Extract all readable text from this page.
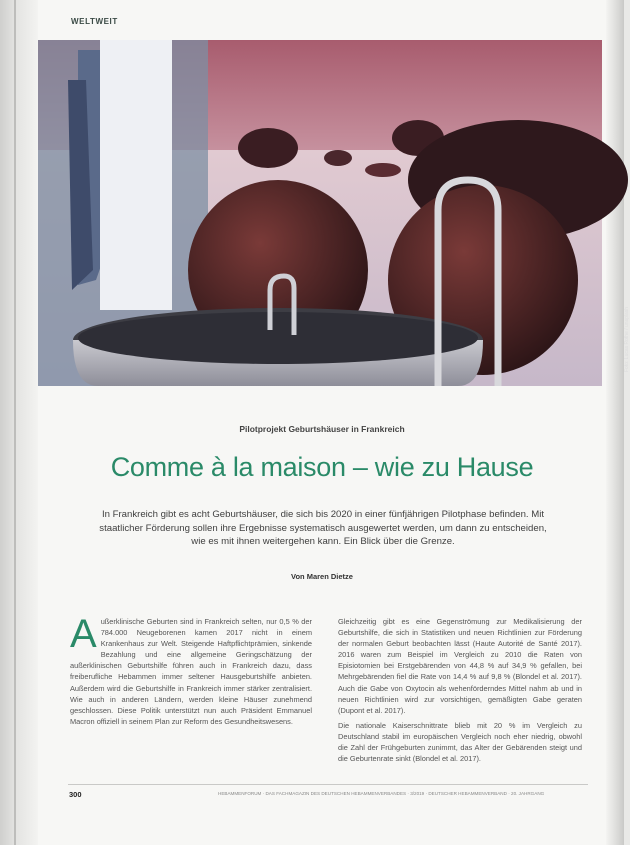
WELTWEIT
Foto: Lucas Rothe / unsplash
Pilotprojekt Geburtshäuser in Frankreich
Comme à la maison – wie zu Hause
In Frankreich gibt es acht Geburtshäuser, die sich bis 2020 in einer fünfjährigen Pilotphase befinden. Mit staatlicher Förderung sollen ihre Ergebnisse systematisch ausgewertet werden, um dann zu entscheiden, wie es mit ihnen weitergehen kann. Ein Blick über die Grenze.
Von Maren Dietze
A ußerklinische Geburten sind in Frankreich selten, nur 0,5 % der 784.000 Neugeborenen kamen 2017 nicht in einem Krankenhaus zur Welt. Steigende Haftpflichtprämien, sinkende Bezahlung und eine allgemeine Geringschätzung der außerklinischen Geburtshilfe führen auch in Frankreich dazu, dass freiberufliche Hebammen immer seltener Hausgeburtshilfe anbieten. Außerdem wird die Geburtshilfe in Frankreich immer stärker zentralisiert. Wie auch in anderen Ländern, werden kleine Häuser zunehmend geschlossen. Diese Politik unterstützt nun auch Präsident Emmanuel Macron offiziell in seinem Plan zur Reform des Gesundheitswesens.

Gleichzeitig gibt es eine Gegenströmung zur Medikalisierung der Geburtshilfe, die sich in Statistiken und neuen Richtlinien zur Förderung der normalen Geburt beobachten lässt (Haute Autorité de Santé 2017). 2016 waren zum Beispiel im Vergleich zu 2010 die Raten von Episiotomien bei Erstgebärenden von 44,8 % auf 34,9 % gefallen, bei Mehrgebärenden fiel die Rate von 14,4 % auf 9,8 % (Blondel et al. 2017). Auch die Gabe von Oxytocin als wehenförderndes Mittel nahm ab und in neuen Richtlinien wird zur vorsichtigen, gemäßigten Gabe geraten (Dupont et al. 2017).

Die nationale Kaiserschnittrate blieb mit 20 % im Vergleich zu Deutschland stabil im europäischen Vergleich noch eher niedrig, obwohl die Zahl der Frühgeburten zunimmt, das Alter der Gebärenden steigt und die Geburtenrate sinkt (Blondel et al. 2017).

300	HEBAMMENFORUM · DAS FACHMAGAZIN DES DEUTSCHEN HEBAMMENVERBANDES · 3/2019 · DEUTSCHER HEBAMMENVERBAND · 20. JAHRGANG
